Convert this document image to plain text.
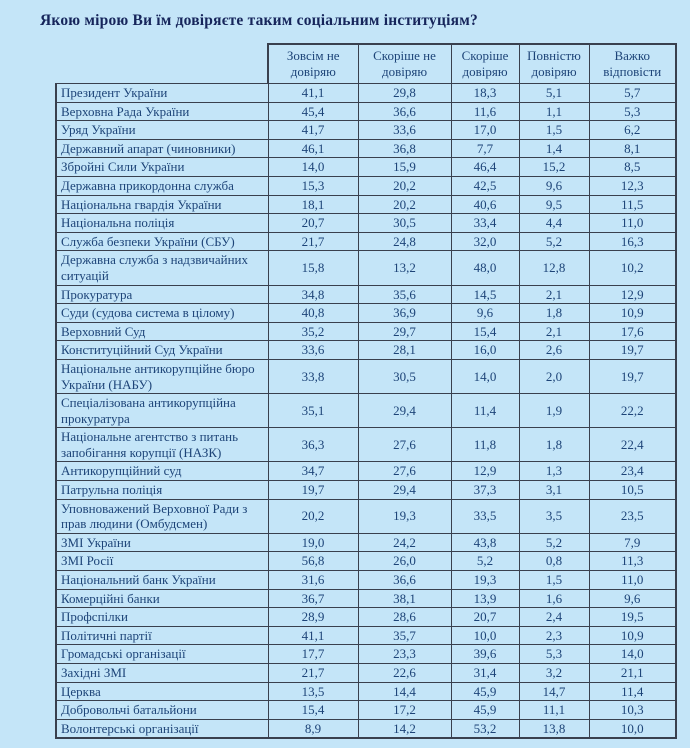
Якою мірою Ви їм довіряєте таким соціальним інституціям?
	Зовсім не довіряю	Скоріше не довіряю	Скоріше довіряю	Повністю довіряю	Важко відповісти
Президент України	41,1	29,8	18,3	5,1	5,7
Верховна Рада України	45,4	36,6	11,6	1,1	5,3
Уряд України	41,7	33,6	17,0	1,5	6,2
Державний апарат (чиновники)	46,1	36,8	7,7	1,4	8,1
Збройні Сили України	14,0	15,9	46,4	15,2	8,5
Державна прикордонна служба	15,3	20,2	42,5	9,6	12,3
Національна гвардія України	18,1	20,2	40,6	9,5	11,5
Національна поліція	20,7	30,5	33,4	4,4	11,0
Служба безпеки України (СБУ)	21,7	24,8	32,0	5,2	16,3
Державна служба з надзвичайних ситуацій	15,8	13,2	48,0	12,8	10,2
Прокуратура	34,8	35,6	14,5	2,1	12,9
Суди (судова система в цілому)	40,8	36,9	9,6	1,8	10,9
Верховний Суд	35,2	29,7	15,4	2,1	17,6
Конституційний Суд України	33,6	28,1	16,0	2,6	19,7
Національне антикорупційне бюро України (НАБУ)	33,8	30,5	14,0	2,0	19,7
Спеціалізована антикорупційна прокуратура	35,1	29,4	11,4	1,9	22,2
Національне агентство з питань запобігання корупції (НАЗК)	36,3	27,6	11,8	1,8	22,4
Антикорупційний суд	34,7	27,6	12,9	1,3	23,4
Патрульна поліція	19,7	29,4	37,3	3,1	10,5
Уповноважений Верховної Ради з прав людини (Омбудсмен)	20,2	19,3	33,5	3,5	23,5
ЗМІ України	19,0	24,2	43,8	5,2	7,9
ЗМІ Росії	56,8	26,0	5,2	0,8	11,3
Національний банк України	31,6	36,6	19,3	1,5	11,0
Комерційні банки	36,7	38,1	13,9	1,6	9,6
Профспілки	28,9	28,6	20,7	2,4	19,5
Політичні партії	41,1	35,7	10,0	2,3	10,9
Громадські організації	17,7	23,3	39,6	5,3	14,0
Західні ЗМІ	21,7	22,6	31,4	3,2	21,1
Церква	13,5	14,4	45,9	14,7	11,4
Добровольчі батальйони	15,4	17,2	45,9	11,1	10,3
Волонтерські організації	8,9	14,2	53,2	13,8	10,0
